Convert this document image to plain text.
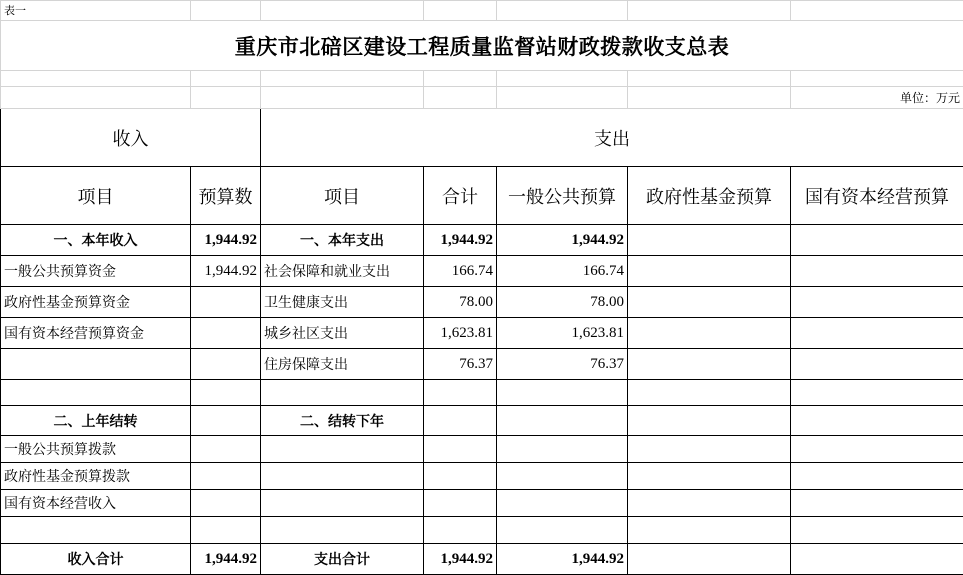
表一						
重庆市北碚区建设工程质量监督站财政拨款收支总表						

						单位：万元
收入		支出				
项目	预算数	项目	合计	一般公共预算	政府性基金预算	国有资本经营预算
一、本年收入	1,944.92	一、本年支出	1,944.92	1,944.92		
一般公共预算资金	1,944.92	社会保障和就业支出	166.74	166.74		
政府性基金预算资金		卫生健康支出	78.00	78.00		
国有资本经营预算资金		城乡社区支出	1,623.81	1,623.81		
		住房保障支出	76.37	76.37		

二、上年结转		二、结转下年				
一般公共预算拨款						
政府性基金预算拨款						
国有资本经营收入						

收入合计	1,944.92	支出合计	1,944.92	1,944.92		
